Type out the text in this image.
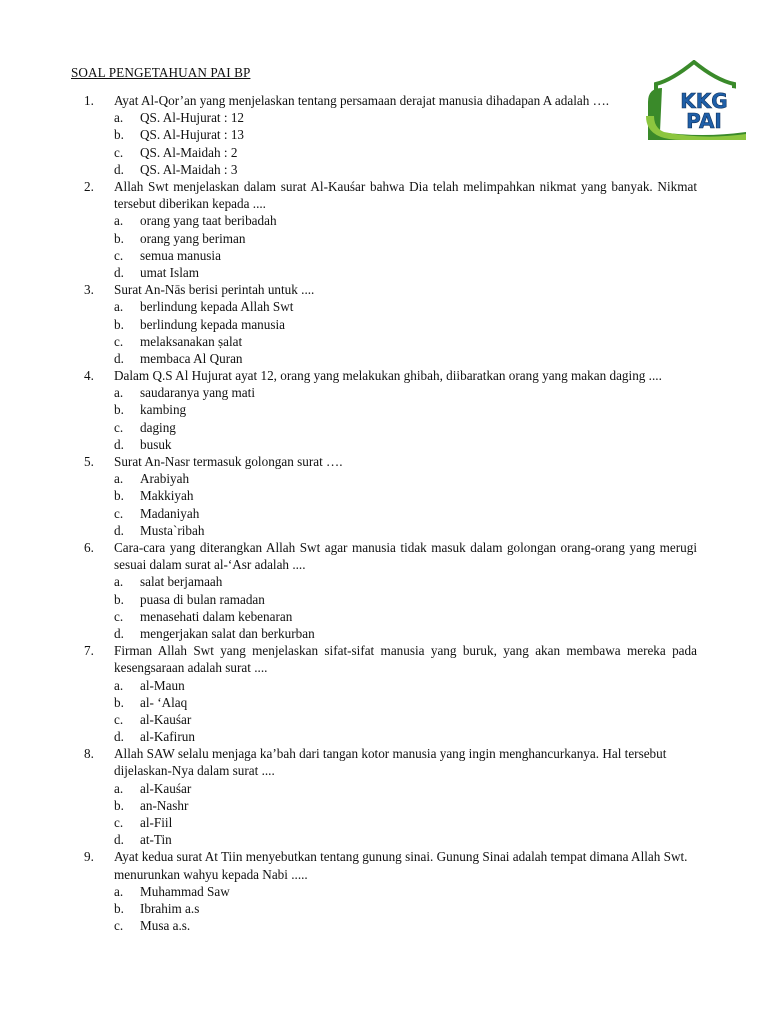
SOAL PENGETAHUAN PAI BP
KKG
PAI
1.	Ayat Al-Qor’an yang menjelaskan tentang persamaan derajat manusia dihadapan A adalah ….
a. QS. Al-Hujurat : 12
b. QS. Al-Hujurat : 13
c. QS. Al-Maidah : 2
d. QS. Al-Maidah : 3
2.	Allah Swt menjelaskan dalam surat Al-Kauśar bahwa Dia telah melimpahkan nikmat yang banyak. Nikmat tersebut diberikan kepada ....
a. orang yang taat beribadah
b. orang yang beriman
c. semua manusia
d. umat Islam
3.	Surat An-Nās berisi perintah untuk ....
a. berlindung kepada Allah Swt
b. berlindung kepada manusia
c. melaksanakan ṣalat
d. membaca Al Quran
4.	Dalam Q.S Al Hujurat ayat 12, orang yang melakukan ghibah, diibaratkan orang yang makan daging ....
a. saudaranya yang mati
b. kambing
c. daging
d. busuk
5.	Surat An-Nasr termasuk golongan surat ….
a. Arabiyah
b. Makkiyah
c. Madaniyah
d. Musta`ribah
6.	Cara-cara yang diterangkan Allah Swt agar manusia tidak masuk dalam golongan orang-orang yang merugi sesuai dalam surat al-‘Asr adalah ....
a. salat berjamaah
b. puasa di bulan ramadan
c. menasehati dalam kebenaran
d. mengerjakan salat dan berkurban
7.	Firman Allah Swt yang menjelaskan sifat-sifat manusia yang buruk, yang akan membawa mereka pada kesengsaraan adalah surat ....
a. al-Maun
b. al- ‘Alaq
c. al-Kauśar
d. al-Kafirun
8.	Allah SAW selalu menjaga ka’bah dari tangan kotor manusia yang ingin menghancurkanya. Hal tersebut dijelaskan-Nya dalam surat ....
a. al-Kauśar
b. an-Nashr
c. al-Fiil
d. at-Tin
9.	Ayat kedua surat At Tiin menyebutkan tentang gunung sinai. Gunung Sinai adalah tempat dimana Allah Swt. menurunkan wahyu kepada Nabi .....
a. Muhammad Saw
b. Ibrahim a.s
c. Musa a.s.
